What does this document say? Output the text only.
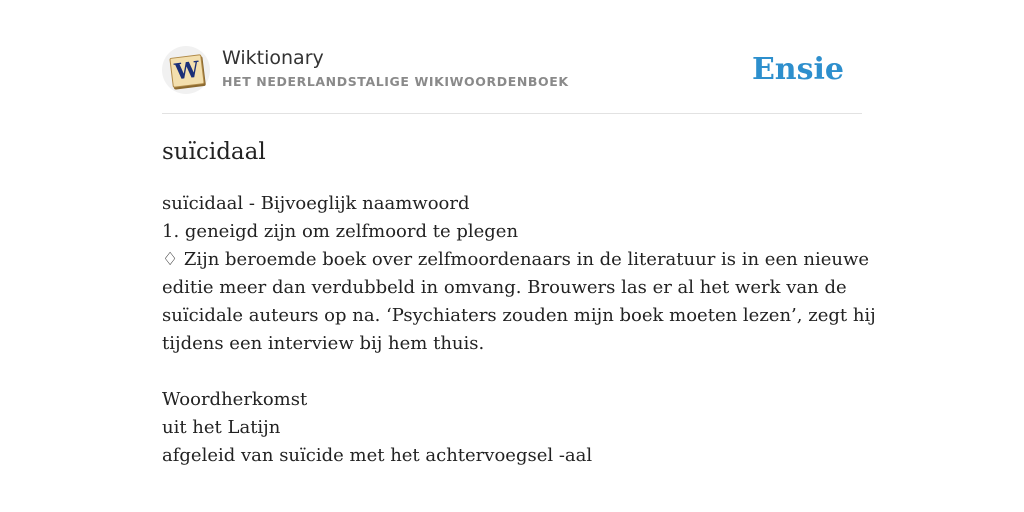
W Wiktionary
HET NEDERLANDSTALIGE WIKIWOORDENBOEK	Ensie
suïcidaal
suïcidaal - Bijvoeglijk naamwoord
1. geneigd zijn om zelfmoord te plegen
♢ Zijn beroemde boek over zelfmoordenaars in de literatuur is in een nieuwe
editie meer dan verdubbeld in omvang. Brouwers las er al het werk van de
suïcidale auteurs op na. ‘Psychiaters zouden mijn boek moeten lezen’, zegt hij
tijdens een interview bij hem thuis.
Woordherkomst
uit het Latijn
afgeleid van suïcide met het achtervoegsel -aal
